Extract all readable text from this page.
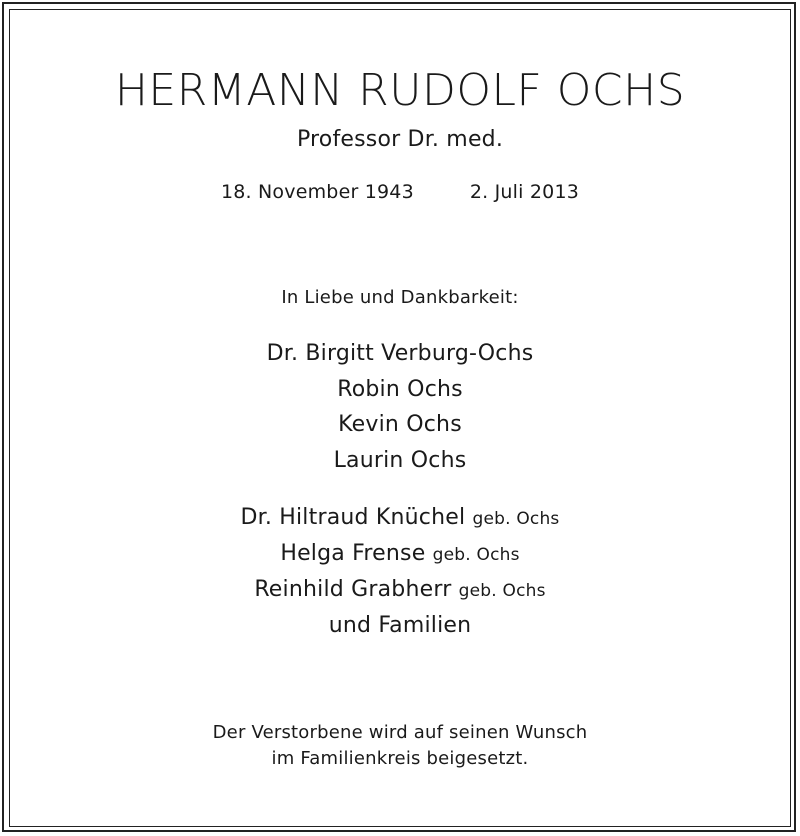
HERMANN RUDOLF OCHS
Professor Dr. med.
18. November 1943	2. Juli 2013
In Liebe und Dankbarkeit:
Dr. Birgitt Verburg-Ochs
Robin Ochs
Kevin Ochs
Laurin Ochs
Dr. Hiltraud Knüchel geb. Ochs
Helga Frense geb. Ochs
Reinhild Grabherr geb. Ochs
und Familien
Der Verstorbene wird auf seinen Wunsch
im Familienkreis beigesetzt.
